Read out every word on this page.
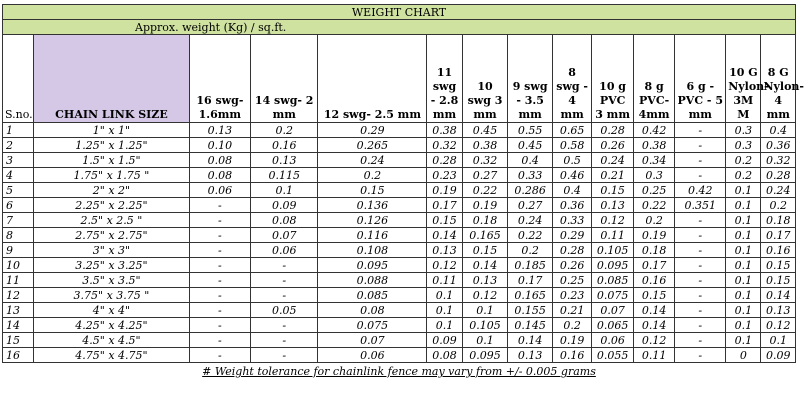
WEIGHT CHART													
Approx. weight (Kg) / sq.ft.													
S.no.	CHAIN LINK SIZE	16 swg- 1.6mm	14 swg- 2 mm	12 swg- 2.5 mm	11 swg - 2.8 mm	10 swg 3 mm	9 swg - 3.5 mm	8 swg - 4 mm	10 g PVC 3 mm	8 g PVC- 4mm	6 g - PVC - 5 mm	10 G Nylon-3M M	8 G Nylon- 4 mm
1	1" x 1"	0.13	0.2	0.29	0.38	0.45	0.55	0.65	0.28	0.42	-	0.3	0.4
2	1.25" x 1.25"	0.10	0.16	0.265	0.32	0.38	0.45	0.58	0.26	0.38	-	0.3	0.36
3	1.5" x 1.5"	0.08	0.13	0.24	0.28	0.32	0.4	0.5	0.24	0.34	-	0.2	0.32
4	1.75" x 1.75 "	0.08	0.115	0.2	0.23	0.27	0.33	0.46	0.21	0.3	-	0.2	0.28
5	2" x 2"	0.06	0.1	0.15	0.19	0.22	0.286	0.4	0.15	0.25	0.42	0.1	0.24
6	2.25" x 2.25"	-	0.09	0.136	0.17	0.19	0.27	0.36	0.13	0.22	0.351	0.1	0.2
7	2.5" x 2.5 "	-	0.08	0.126	0.15	0.18	0.24	0.33	0.12	0.2	-	0.1	0.18
8	2.75" x 2.75"	-	0.07	0.116	0.14	0.165	0.22	0.29	0.11	0.19	-	0.1	0.17
9	3" x 3"	-	0.06	0.108	0.13	0.15	0.2	0.28	0.105	0.18	-	0.1	0.16
10	3.25" x 3.25"	-	-	0.095	0.12	0.14	0.185	0.26	0.095	0.17	-	0.1	0.15
11	3.5" x 3.5"	-	-	0.088	0.11	0.13	0.17	0.25	0.085	0.16	-	0.1	0.15
12	3.75" x 3.75 "	-	-	0.085	0.1	0.12	0.165	0.23	0.075	0.15	-	0.1	0.14
13	4" x 4"	-	0.05	0.08	0.1	0.1	0.155	0.21	0.07	0.14	-	0.1	0.13
14	4.25" x 4.25"	-	-	0.075	0.1	0.105	0.145	0.2	0.065	0.14	-	0.1	0.12
15	4.5" x 4.5"	-	-	0.07	0.09	0.1	0.14	0.19	0.06	0.12	-	0.1	0.1
16	4.75" x 4.75"	-	-	0.06	0.08	0.095	0.13	0.16	0.055	0.11	-	0	0.09
# Weight tolerance for chainlink fence may vary from +/- 0.005 grams
